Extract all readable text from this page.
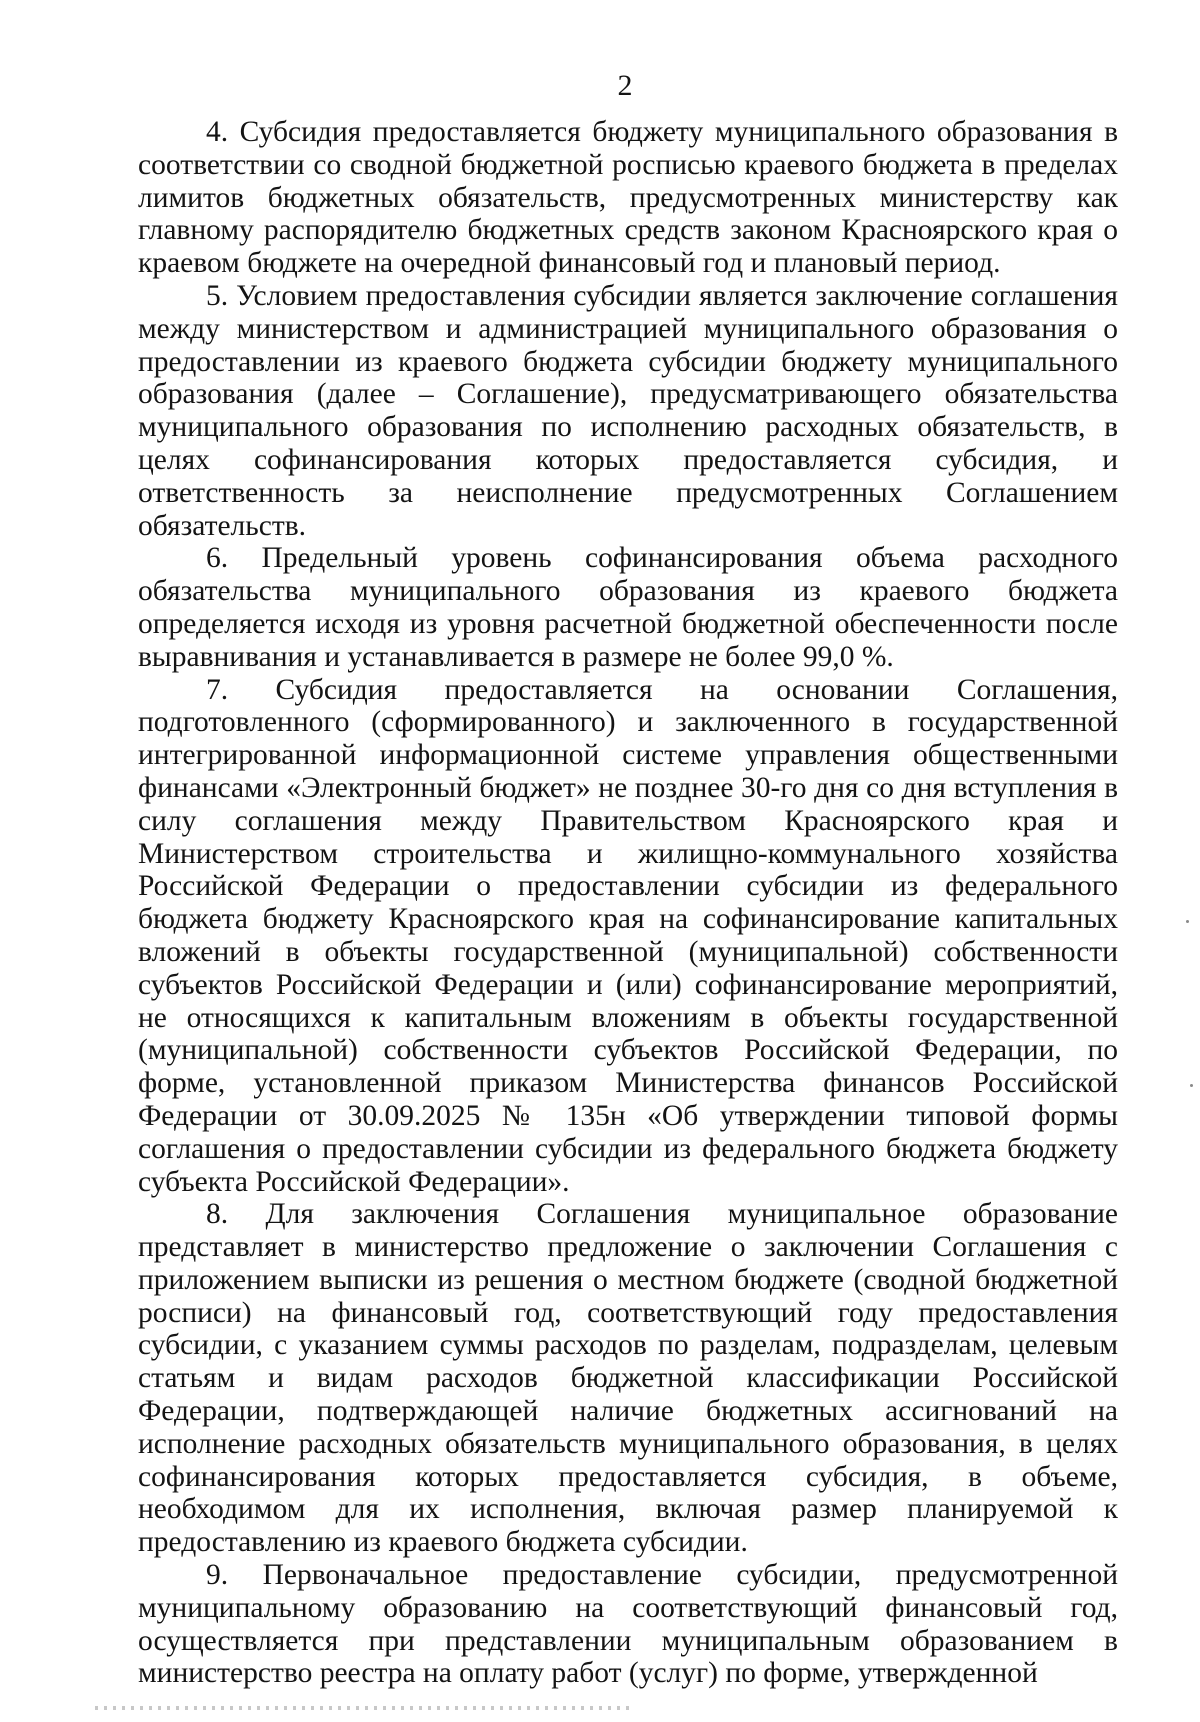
2

4. Субсидия предоставляется бюджету муниципального образования в соответствии со сводной бюджетной росписью краевого бюджета в пределах лимитов бюджетных обязательств, предусмотренных министерству как главному распорядителю бюджетных средств законом Красноярского края о краевом бюджете на очередной финансовый год и плановый период.

5. Условием предоставления субсидии является заключение соглашения между министерством и администрацией муниципального образования о предоставлении из краевого бюджета субсидии бюджету муниципального образования (далее – Соглашение), предусматривающего обязательства муниципального образования по исполнению расходных обязательств, в целях софинансирования которых предоставляется субсидия, и ответственность за неисполнение предусмотренных Соглашением обязательств.

6. Предельный уровень софинансирования объема расходного обязательства муниципального образования из краевого бюджета определяется исходя из уровня расчетной бюджетной обеспеченности после выравнивания и устанавливается в размере не более 99,0 %.

7. Субсидия предоставляется на основании Соглашения, подготовленного (сформированного) и заключенного в государственной интегрированной информационной системе управления общественными финансами «Электронный бюджет» не позднее 30-го дня со дня вступления в силу соглашения между Правительством Красноярского края и Министерством строительства и жилищно-коммунального хозяйства Российской Федерации о предоставлении субсидии из федерального бюджета бюджету Красноярского края на софинансирование капитальных вложений в объекты государственной (муниципальной) собственности субъектов Российской Федерации и (или) софинансирование мероприятий, не относящихся к капитальным вложениям в объекты государственной (муниципальной) собственности субъектов Российской Федерации, по форме, установленной приказом Министерства финансов Российской Федерации от 30.09.2025 № 135н «Об утверждении типовой формы соглашения о предоставлении субсидии из федерального бюджета бюджету субъекта Российской Федерации».

8. Для заключения Соглашения муниципальное образование представляет в министерство предложение о заключении Соглашения с приложением выписки из решения о местном бюджете (сводной бюджетной росписи) на финансовый год, соответствующий году предоставления субсидии, с указанием суммы расходов по разделам, подразделам, целевым статьям и видам расходов бюджетной классификации Российской Федерации, подтверждающей наличие бюджетных ассигнований на исполнение расходных обязательств муниципального образования, в целях софинансирования которых предоставляется субсидия, в объеме, необходимом для их исполнения, включая размер планируемой к предоставлению из краевого бюджета субсидии.

9. Первоначальное предоставление субсидии, предусмотренной муниципальному образованию на соответствующий финансовый год, осуществляется при представлении муниципальным образованием в министерство реестра на оплату работ (услуг) по форме, утвержденной
